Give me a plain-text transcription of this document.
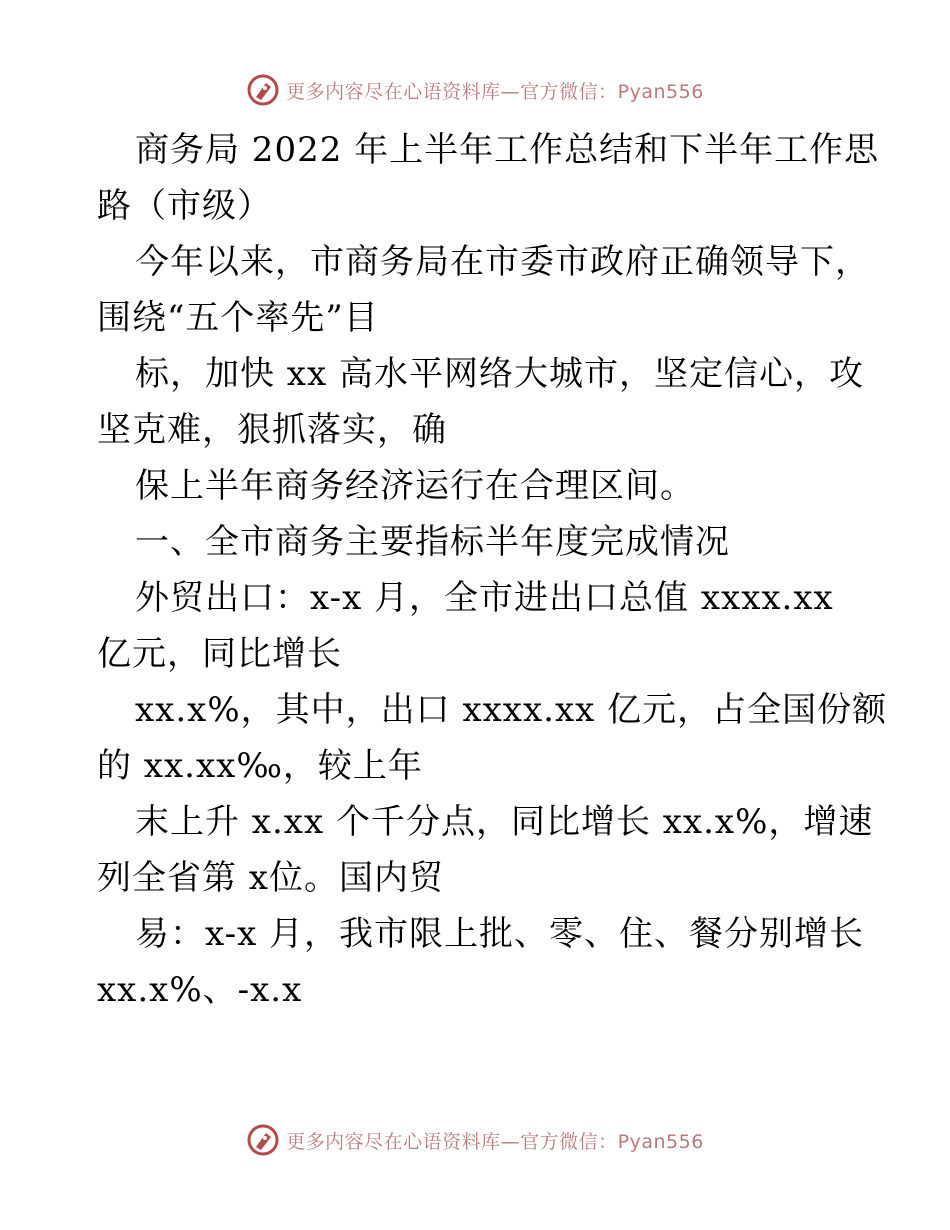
更多内容尽在心语资料库—官方微信：Pyan556
商务局 2022 年上半年工作总结和下半年工作思
路（市级）
今年以来，市商务局在市委市政府正确领导下，
围绕“五个率先”目
标，加快 xx 高水平网络大城市，坚定信心，攻
坚克难，狠抓落实，确
保上半年商务经济运行在合理区间。
一、全市商务主要指标半年度完成情况
外贸出口：x-x 月，全市进出口总值 xxxx.xx
亿元，同比增长
xx.x%，其中，出口 xxxx.xx 亿元，占全国份额
的 xx.xx‰，较上年
末上升 x.xx 个千分点，同比增长 xx.x%，增速
列全省第 x位。国内贸
易：x-x 月，我市限上批、零、住、餐分别增长
xx.x%、-x.x
更多内容尽在心语资料库—官方微信：Pyan556
